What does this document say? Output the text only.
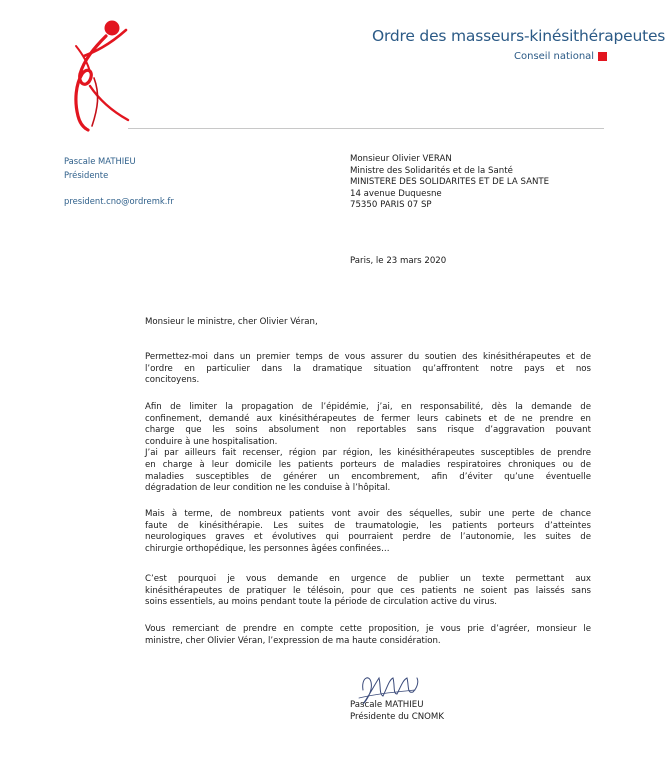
Ordre des masseurs-kinésithérapeutes
Conseil national
Pascale MATHIEU
Présidente
president.cno@ordremk.fr
Monsieur Olivier VERAN
Ministre des Solidarités et de la Santé
MINISTERE DES SOLIDARITES ET DE LA SANTE
14 avenue Duquesne
75350 PARIS 07 SP
Paris, le 23 mars 2020
Monsieur le ministre, cher Olivier Véran,
Permettez-moi dans un premier temps de vous assurer du soutien des kinésithérapeutes et de
l’ordre en particulier dans la dramatique situation qu’affrontent notre pays et nos
concitoyens.
Afin de limiter la propagation de l’épidémie, j’ai, en responsabilité, dès la demande de
confinement, demandé aux kinésithérapeutes de fermer leurs cabinets et de ne prendre en
charge que les soins absolument non reportables sans risque d’aggravation pouvant
conduire à une hospitalisation.
J’ai par ailleurs fait recenser, région par région, les kinésithérapeutes susceptibles de prendre
en charge à leur domicile les patients porteurs de maladies respiratoires chroniques ou de
maladies susceptibles de générer un encombrement, afin d’éviter qu’une éventuelle
dégradation de leur condition ne les conduise à l’hôpital.
Mais à terme, de nombreux patients vont avoir des séquelles, subir une perte de chance
faute de kinésithérapie. Les suites de traumatologie, les patients porteurs d’atteintes
neurologiques graves et évolutives qui pourraient perdre de l’autonomie, les suites de
chirurgie orthopédique, les personnes âgées confinées…
C’est pourquoi je vous demande en urgence de publier un texte permettant aux
kinésithérapeutes de pratiquer le télésoin, pour que ces patients ne soient pas laissés sans
soins essentiels, au moins pendant toute la période de circulation active du virus.
Vous remerciant de prendre en compte cette proposition, je vous prie d’agréer, monsieur le
ministre, cher Olivier Véran, l’expression de ma haute considération.
Pascale MATHIEU
Présidente du CNOMK
